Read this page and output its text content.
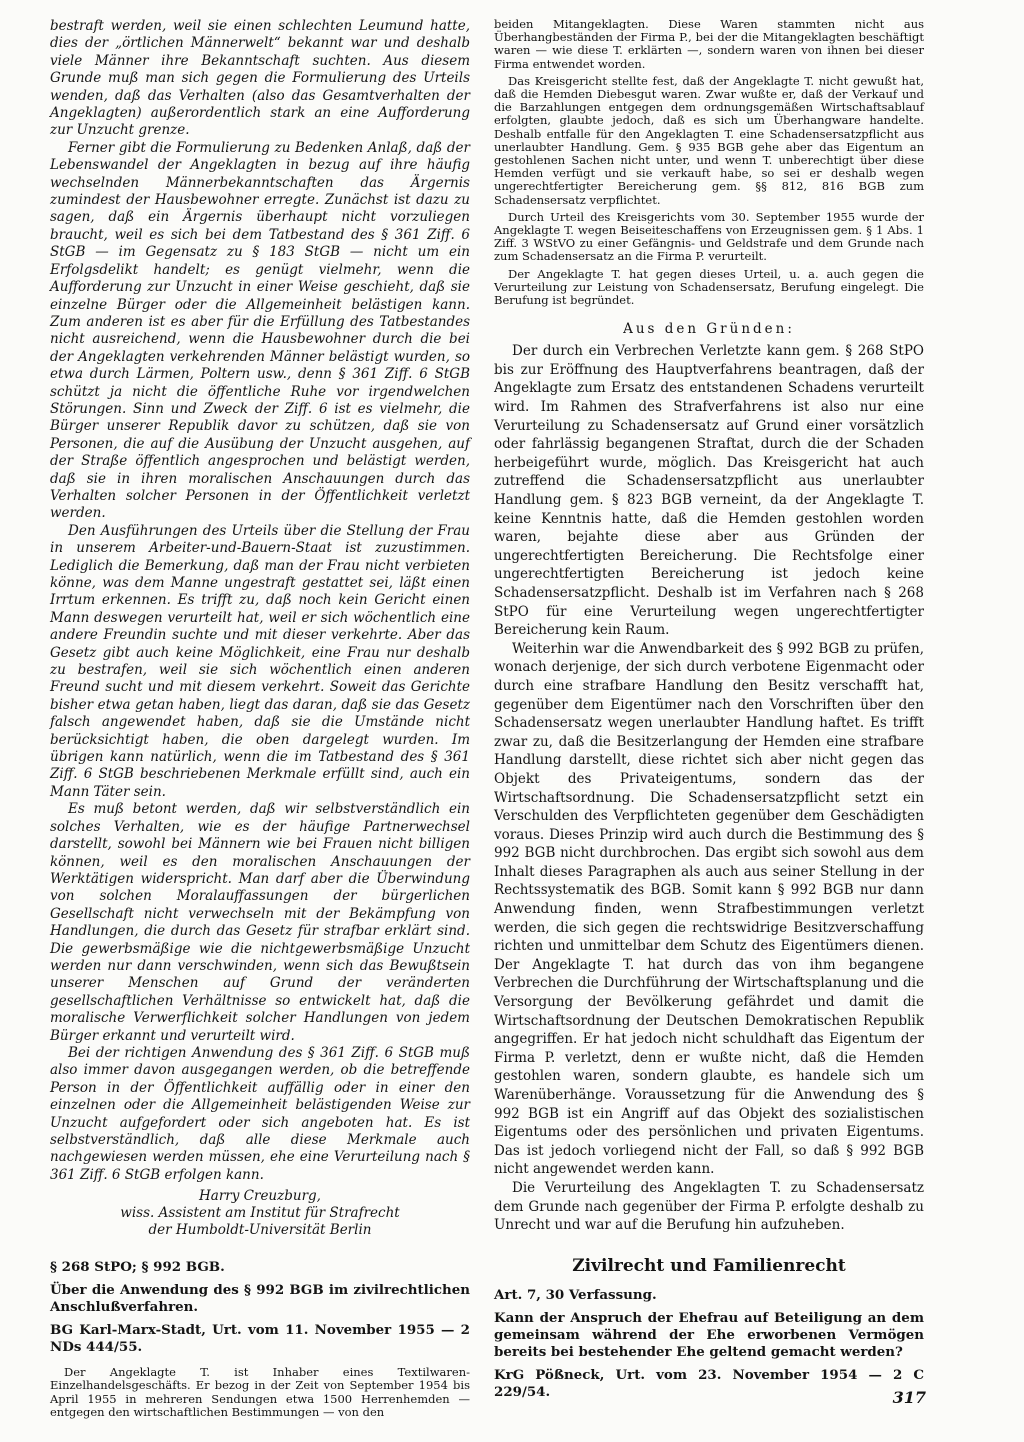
bestraft werden, weil sie einen schlechten Leumund hatte, dies der „örtlichen Männerwelt“ bekannt war und deshalb viele Männer ihre Bekanntschaft suchten. Aus diesem Grunde muß man sich gegen die Formulierung des Urteils wenden, daß das Verhalten (also das Gesamtverhalten der Angeklagten) außerordentlich stark an eine Aufforderung zur Unzucht grenze.

Ferner gibt die Formulierung zu Bedenken Anlaß, daß der Lebenswandel der Angeklagten in bezug auf ihre häufig wechselnden Männerbekanntschaften das Ärgernis zumindest der Hausbewohner erregte. Zunächst ist dazu zu sagen, daß ein Ärgernis überhaupt nicht vorzuliegen braucht, weil es sich bei dem Tatbestand des § 361 Ziff. 6 StGB — im Gegensatz zu § 183 StGB — nicht um ein Erfolgsdelikt handelt; es genügt vielmehr, wenn die Aufforderung zur Unzucht in einer Weise geschieht, daß sie einzelne Bürger oder die Allgemeinheit belästigen kann. Zum anderen ist es aber für die Erfüllung des Tatbestandes nicht ausreichend, wenn die Hausbewohner durch die bei der Angeklagten verkehrenden Männer belästigt wurden, so etwa durch Lärmen, Poltern usw., denn § 361 Ziff. 6 StGB schützt ja nicht die öffentliche Ruhe vor irgendwelchen Störungen. Sinn und Zweck der Ziff. 6 ist es vielmehr, die Bürger unserer Republik davor zu schützen, daß sie von Personen, die auf die Ausübung der Unzucht ausgehen, auf der Straße öffentlich angesprochen und belästigt werden, daß sie in ihren moralischen Anschauungen durch das Verhalten solcher Personen in der Öffentlichkeit verletzt werden.

Den Ausführungen des Urteils über die Stellung der Frau in unserem Arbeiter-und-Bauern-Staat ist zuzustimmen. Lediglich die Bemerkung, daß man der Frau nicht verbieten könne, was dem Manne ungestraft gestattet sei, läßt einen Irrtum erkennen. Es trifft zu, daß noch kein Gericht einen Mann deswegen verurteilt hat, weil er sich wöchentlich eine andere Freundin suchte und mit dieser verkehrte. Aber das Gesetz gibt auch keine Möglichkeit, eine Frau nur deshalb zu bestrafen, weil sie sich wöchentlich einen anderen Freund sucht und mit diesem verkehrt. Soweit das Gerichte bisher etwa getan haben, liegt das daran, daß sie das Gesetz falsch angewendet haben, daß sie die Umstände nicht berücksichtigt haben, die oben dargelegt wurden. Im übrigen kann natürlich, wenn die im Tatbestand des § 361 Ziff. 6 StGB beschriebenen Merkmale erfüllt sind, auch ein Mann Täter sein.

Es muß betont werden, daß wir selbstverständlich ein solches Verhalten, wie es der häufige Partnerwechsel darstellt, sowohl bei Männern wie bei Frauen nicht billigen können, weil es den moralischen Anschauungen der Werktätigen widerspricht. Man darf aber die Überwindung von solchen Moralauffassungen der bürgerlichen Gesellschaft nicht verwechseln mit der Bekämpfung von Handlungen, die durch das Gesetz für strafbar erklärt sind. Die gewerbsmäßige wie die nichtgewerbsmäßige Unzucht werden nur dann verschwinden, wenn sich das Bewußtsein unserer Menschen auf Grund der veränderten gesellschaftlichen Verhältnisse so entwickelt hat, daß die moralische Verwerflichkeit solcher Handlungen von jedem Bürger erkannt und verurteilt wird.

Bei der richtigen Anwendung des § 361 Ziff. 6 StGB muß also immer davon ausgegangen werden, ob die betreffende Person in der Öffentlichkeit auffällig oder in einer den einzelnen oder die Allgemeinheit belästigenden Weise zur Unzucht aufgefordert oder sich angeboten hat. Es ist selbstverständlich, daß alle diese Merkmale auch nachgewiesen werden müssen, ehe eine Verurteilung nach § 361 Ziff. 6 StGB erfolgen kann.

Harry Creuzburg,

wiss. Assistent am Institut für Strafrecht

der Humboldt-Universität Berlin

§ 268 StPO; § 992 BGB.

Über die Anwendung des § 992 BGB im zivilrechtlichen Anschlußverfahren.

BG Karl-Marx-Stadt, Urt. vom 11. November 1955 — 2 NDs 444/55.

Der Angeklagte T. ist Inhaber eines Textilwaren-Einzelhandelsgeschäfts. Er bezog in der Zeit von September 1954 bis April 1955 in mehreren Sendungen etwa 1500 Herrenhemden — entgegen den wirtschaftlichen Bestimmungen — von den

beiden Mitangeklagten. Diese Waren stammten nicht aus Überhangbeständen der Firma P., bei der die Mitangeklagten beschäftigt waren — wie diese T. erklärten —, sondern waren von ihnen bei dieser Firma entwendet worden.

Das Kreisgericht stellte fest, daß der Angeklagte T. nicht gewußt hat, daß die Hemden Diebesgut waren. Zwar wußte er, daß der Verkauf und die Barzahlungen entgegen dem ordnungsgemäßen Wirtschaftsablauf erfolgten, glaubte jedoch, daß es sich um Überhangware handelte. Deshalb entfalle für den Angeklagten T. eine Schadensersatzpflicht aus unerlaubter Handlung. Gem. § 935 BGB gehe aber das Eigentum an gestohlenen Sachen nicht unter, und wenn T. unberechtigt über diese Hemden verfügt und sie verkauft habe, so sei er deshalb wegen ungerechtfertigter Bereicherung gem. §§ 812, 816 BGB zum Schadensersatz verpflichtet.

Durch Urteil des Kreisgerichts vom 30. September 1955 wurde der Angeklagte T. wegen Beiseiteschaffens von Erzeugnissen gem. § 1 Abs. 1 Ziff. 3 WStVO zu einer Gefängnis- und Geldstrafe und dem Grunde nach zum Schadensersatz an die Firma P. verurteilt.

Der Angeklagte T. hat gegen dieses Urteil, u. a. auch gegen die Verurteilung zur Leistung von Schadensersatz, Berufung eingelegt. Die Berufung ist begründet.

Aus den Gründen:

Der durch ein Verbrechen Verletzte kann gem. § 268 StPO bis zur Eröffnung des Hauptverfahrens beantragen, daß der Angeklagte zum Ersatz des entstandenen Schadens verurteilt wird. Im Rahmen des Strafverfahrens ist also nur eine Verurteilung zu Schadensersatz auf Grund einer vorsätzlich oder fahrlässig begangenen Straftat, durch die der Schaden herbeigeführt wurde, möglich. Das Kreisgericht hat auch zutreffend die Schadensersatzpflicht aus unerlaubter Handlung gem. § 823 BGB verneint, da der Angeklagte T. keine Kenntnis hatte, daß die Hemden gestohlen worden waren, bejahte diese aber aus Gründen der ungerechtfertigten Bereicherung. Die Rechtsfolge einer ungerechtfertigten Bereicherung ist jedoch keine Schadensersatzpflicht. Deshalb ist im Verfahren nach § 268 StPO für eine Verurteilung wegen ungerechtfertigter Bereicherung kein Raum.

Weiterhin war die Anwendbarkeit des § 992 BGB zu prüfen, wonach derjenige, der sich durch verbotene Eigenmacht oder durch eine strafbare Handlung den Besitz verschafft hat, gegenüber dem Eigentümer nach den Vorschriften über den Schadensersatz wegen unerlaubter Handlung haftet. Es trifft zwar zu, daß die Besitzerlangung der Hemden eine strafbare Handlung darstellt, diese richtet sich aber nicht gegen das Objekt des Privateigentums, sondern das der Wirtschaftsordnung. Die Schadensersatzpflicht setzt ein Verschulden des Verpflichteten gegenüber dem Geschädigten voraus. Dieses Prinzip wird auch durch die Bestimmung des § 992 BGB nicht durchbrochen. Das ergibt sich sowohl aus dem Inhalt dieses Paragraphen als auch aus seiner Stellung in der Rechtssystematik des BGB. Somit kann § 992 BGB nur dann Anwendung finden, wenn Strafbestimmungen verletzt werden, die sich gegen die rechtswidrige Besitzverschaffung richten und unmittelbar dem Schutz des Eigentümers dienen. Der Angeklagte T. hat durch das von ihm begangene Verbrechen die Durchführung der Wirtschaftsplanung und die Versorgung der Bevölkerung gefährdet und damit die Wirtschaftsordnung der Deutschen Demokratischen Republik angegriffen. Er hat jedoch nicht schuldhaft das Eigentum der Firma P. verletzt, denn er wußte nicht, daß die Hemden gestohlen waren, sondern glaubte, es handele sich um Warenüberhänge. Voraussetzung für die Anwendung des § 992 BGB ist ein Angriff auf das Objekt des sozialistischen Eigentums oder des persönlichen und privaten Eigentums. Das ist jedoch vorliegend nicht der Fall, so daß § 992 BGB nicht angewendet werden kann.

Die Verurteilung des Angeklagten T. zu Schadensersatz dem Grunde nach gegenüber der Firma P. erfolgte deshalb zu Unrecht und war auf die Berufung hin aufzuheben.

Zivilrecht und Familienrecht

Art. 7, 30 Verfassung.

Kann der Anspruch der Ehefrau auf Beteiligung an dem gemeinsam während der Ehe erworbenen Vermögen bereits bei bestehender Ehe geltend gemacht werden?

KrG Pößneck, Urt. vom 23. November 1954 — 2 C 229/54.	317
